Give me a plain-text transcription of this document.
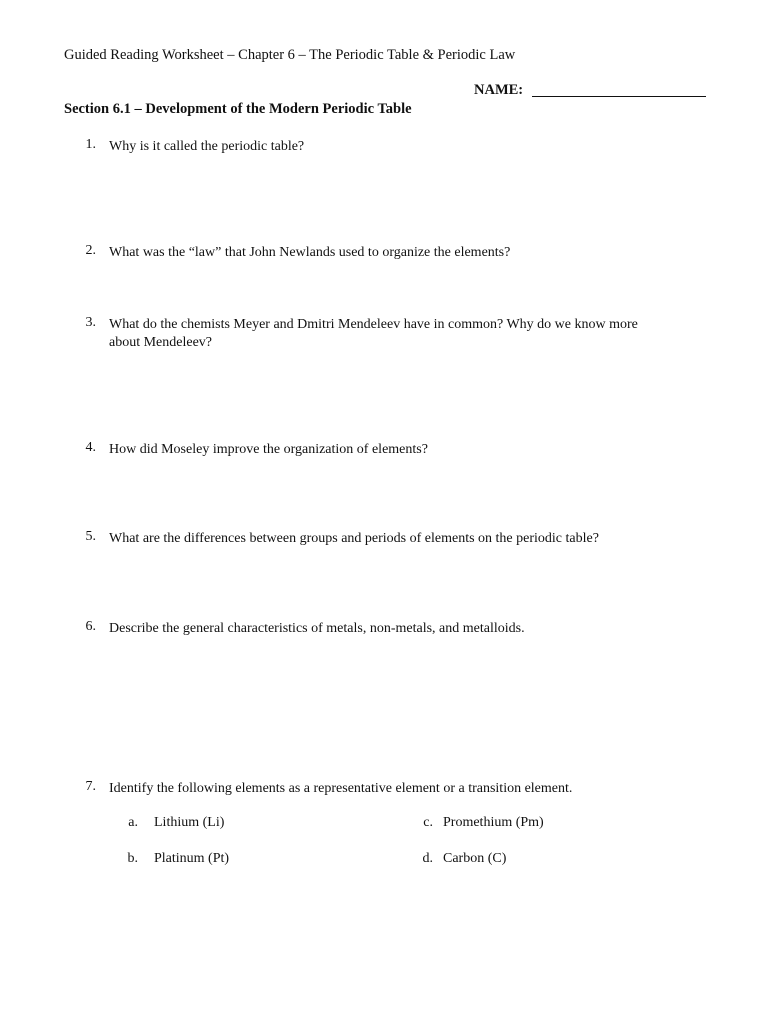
Guided Reading Worksheet – Chapter 6 – The Periodic Table & Periodic Law
NAME:
Section 6.1 – Development of the Modern Periodic Table
1. Why is it called the periodic table?
2. What was the “law” that John Newlands used to organize the elements?
3. What do the chemists Meyer and Dmitri Mendeleev have in common? Why do we know more
about Mendeleev?
4. How did Moseley improve the organization of elements?
5. What are the differences between groups and periods of elements on the periodic table?
6. Describe the general characteristics of metals, non-metals, and metalloids.
7. Identify the following elements as a representative element or a transition element.
a. Lithium (Li)
b. Platinum (Pt)
c. Promethium (Pm)
d. Carbon (C)
